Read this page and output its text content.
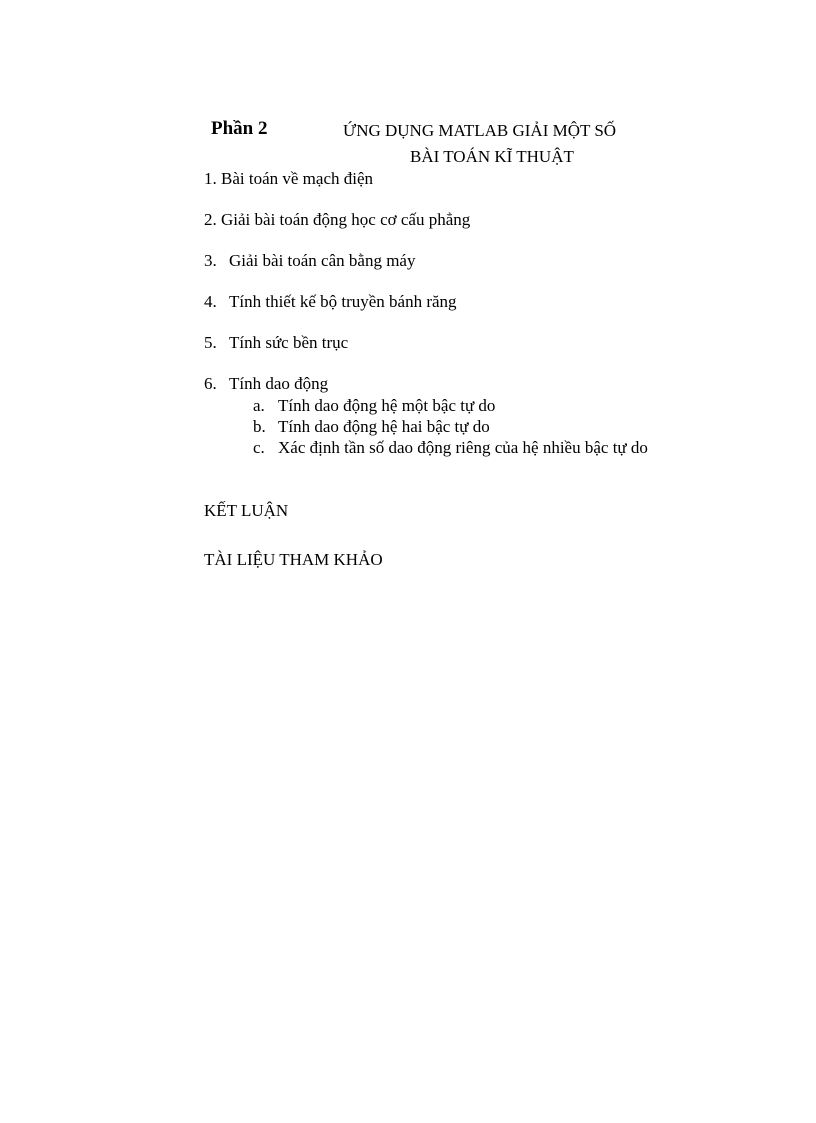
Phần 2	ỨNG DỤNG MATLAB GIẢI MỘT SỐ
BÀI TOÁN KĨ THUẬT
1. Bài toán về mạch điện
2. Giải bài toán động học cơ cấu phẳng
3. Giải bài toán cân bằng máy
4. Tính thiết kế bộ truyền bánh răng
5. Tính sức bền trục
6. Tính dao động
a. Tính dao động hệ một bậc tự do
b. Tính dao động hệ hai bậc tự do
c. Xác định tần số dao động riêng của hệ nhiều bậc tự do
KẾT LUẬN
TÀI LIỆU THAM KHẢO
